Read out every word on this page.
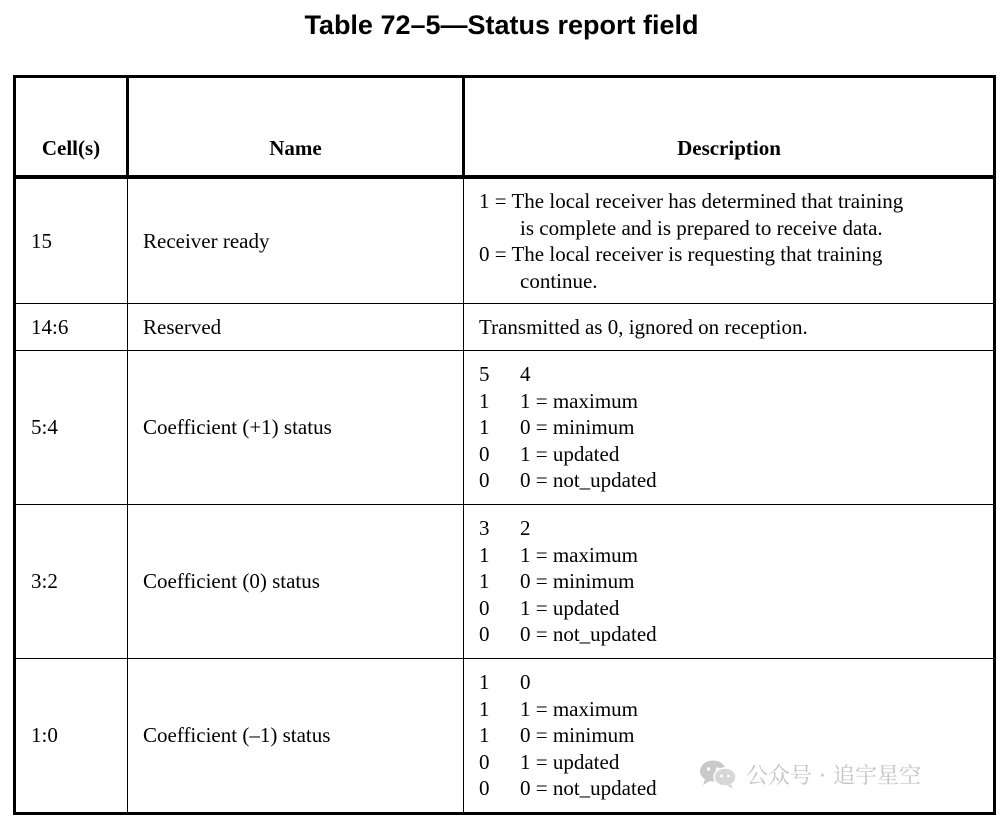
Table 72–5—Status report field
Cell(s)	Name	Description
15	Receiver ready	1 = The local receiver has determined that training
is complete and is prepared to receive data.
0 = The local receiver is requesting that training
continue.

14:6	Reserved	Transmitted as 0, ignored on reception.
5:4	Coefficient (+1) status	5 4
1 1 = maximum
1 0 = minimum
0 1 = updated
0 0 = not_updated

3:2	Coefficient (0) status	3 2
1 1 = maximum
1 0 = minimum
0 1 = updated
0 0 = not_updated

1:0	Coefficient (–1) status	1 0
1 1 = maximum
1 0 = minimum
0 1 = updated
0 0 = not_updated	公众号 · 追宇星空
